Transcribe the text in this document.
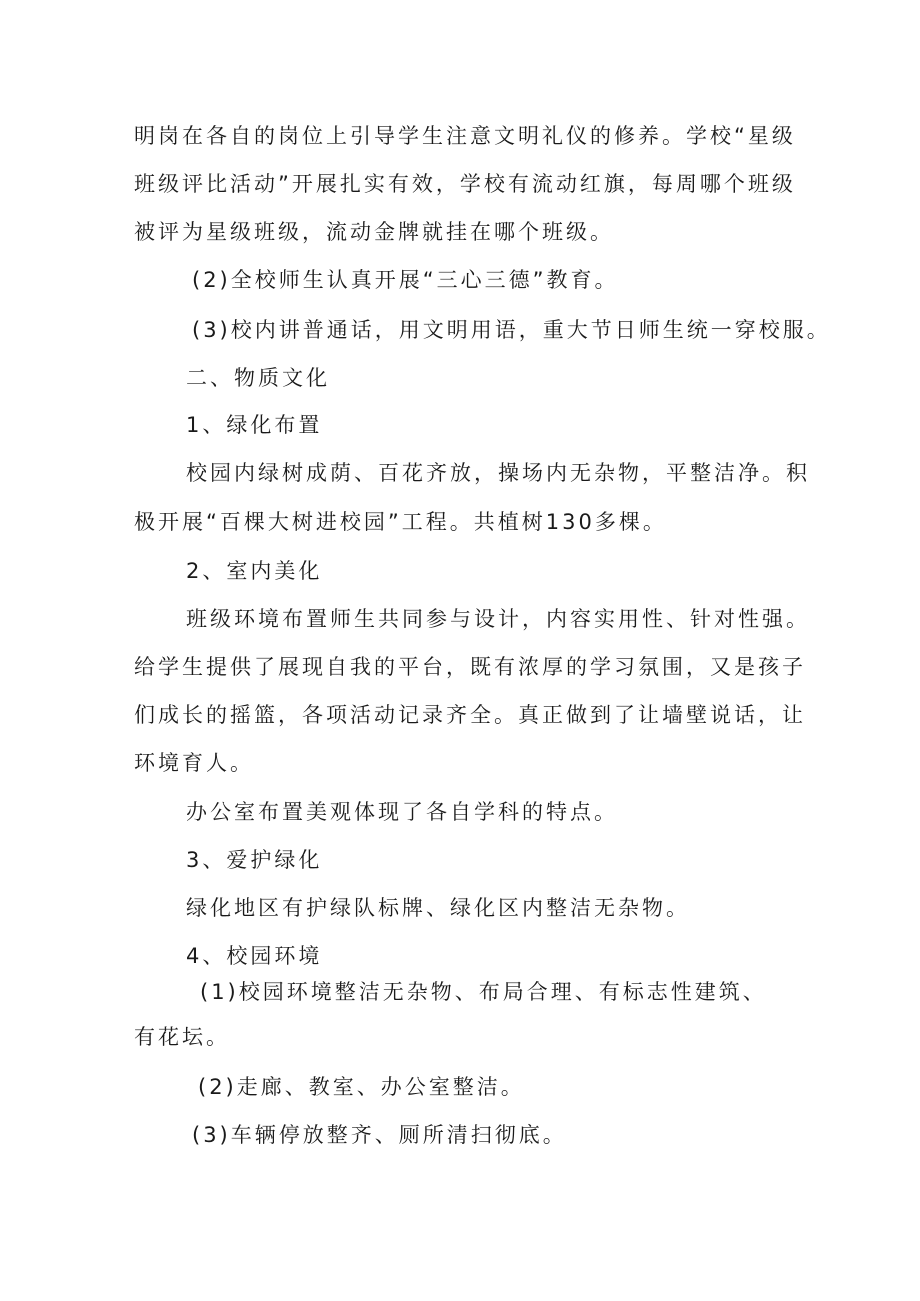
明岗在各自的岗位上引导学生注意文明礼仪的修养。学校“星级

班级评比活动”开展扎实有效，学校有流动红旗，每周哪个班级

被评为星级班级，流动金牌就挂在哪个班级。

(2)全校师生认真开展“三心三德”教育。

(3)校内讲普通话，用文明用语，重大节日师生统一穿校服。

二、物质文化

1、绿化布置

校园内绿树成荫、百花齐放，操场内无杂物，平整洁净。积

极开展“百棵大树进校园”工程。共植树130多棵。

2、室内美化

班级环境布置师生共同参与设计，内容实用性、针对性强。

给学生提供了展现自我的平台，既有浓厚的学习氛围，又是孩子

们成长的摇篮，各项活动记录齐全。真正做到了让墙壁说话，让

环境育人。

办公室布置美观体现了各自学科的特点。

3、爱护绿化

绿化地区有护绿队标牌、绿化区内整洁无杂物。

4、校园环境

(1)校园环境整洁无杂物、布局合理、有标志性建筑、

有花坛。

(2)走廊、教室、办公室整洁。

(3)车辆停放整齐、厕所清扫彻底。
